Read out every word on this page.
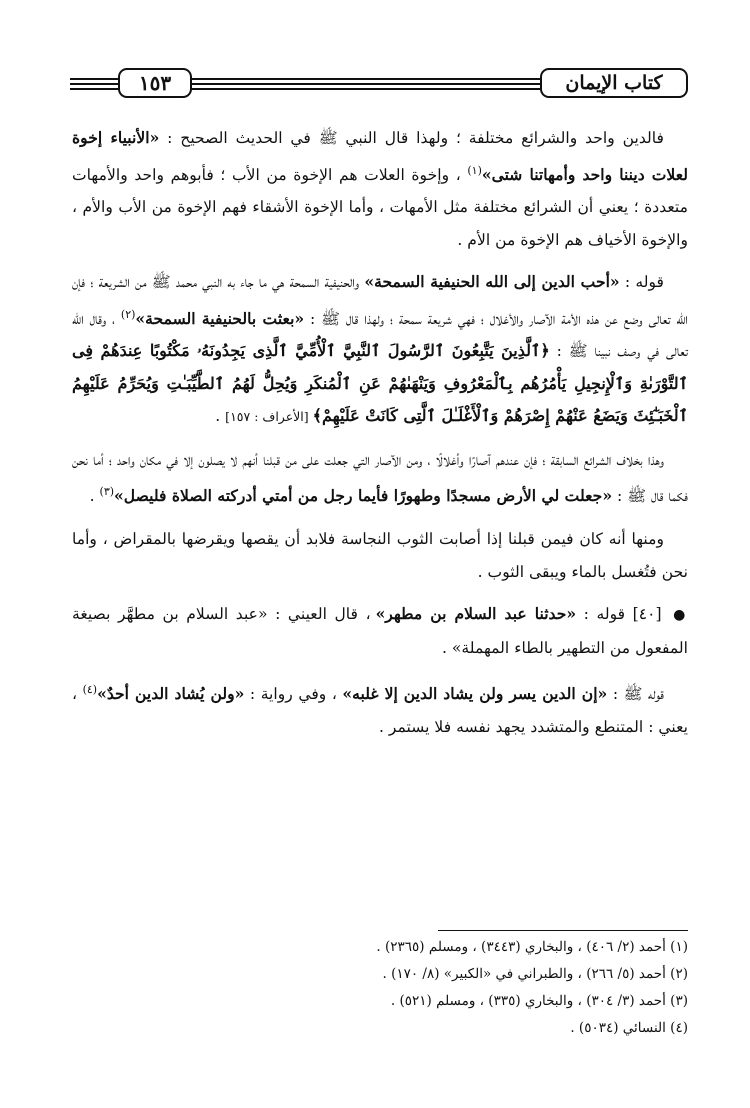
كتاب الإيمان
١٥٣

فالدين واحد والشرائع مختلفة ؛ ولهذا قال النبي ﷺ في الحديث الصحيح : «الأنبياء إخوة لعلات ديننا واحد وأمهاتنا شتى»$^{(١)}$ ، وإخوة العلات هم الإخوة من الأب ؛ فأبوهم واحد والأمهات متعددة ؛ يعني أن الشرائع مختلفة مثل الأمهات ، وأما الإخوة الأشقاء فهم الإخوة من الأب والأم ، والإخوة الأخياف هم الإخوة من الأم .

قوله : «أحب الدين إلى الله الحنيفية السمحة» والحنيفية السمحة هي ما جاء به النبي محمد ﷺ من الشريعة ؛ فإن الله تعالى وضع عن هذه الأمة الآصار والأغلال ؛ فهي شريعة سمحة ؛ ولهذا قال ﷺ : «بعثت بالحنيفية السمحة»$^{(٢)}$ ، وقال الله تعالى في وصف نبينا ﷺ : ﴿ٱلَّذِينَ يَتَّبِعُونَ ٱلرَّسُولَ ٱلنَّبِيَّ ٱلْأُمِّيَّ ٱلَّذِى يَجِدُونَهُۥ مَكْتُوبًا عِندَهُمْ فِى ٱلتَّوْرَىٰةِ وَٱلْإِنجِيلِ يَأْمُرُهُم بِٱلْمَعْرُوفِ وَيَنْهَىٰهُمْ عَنِ ٱلْمُنكَرِ وَيُحِلُّ لَهُمُ ٱلطَّيِّبَـٰتِ وَيُحَرِّمُ عَلَيْهِمُ ٱلْخَبَـٰٓئِثَ وَيَضَعُ عَنْهُمْ إِصْرَهُمْ وَٱلْأَغْلَـٰلَ ٱلَّتِى كَانَتْ عَلَيْهِمْ﴾ [الأعراف : ١٥٧] .

وهذا بخلاف الشرائع السابقة ؛ فإن عندهم آصارًا وأغلالًا ، ومن الآصار التي جعلت على من قبلنا أنهم لا يصلون إلا في مكان واحد ؛ أما نحن فكما قال ﷺ : «جعلت لي الأرض مسجدًا وطهورًا فأيما رجل من أمتي أدركته الصلاة فليصل»$^{(٣)}$ .

ومنها أنه كان فيمن قبلنا إذا أصابت الثوب النجاسة فلابد أن يقصها ويقرضها بالمقراض ، وأما نحن فتُغسل بالماء ويبقى الثوب .

● [٤٠] قوله : «حدثنا عبد السلام بن مطهر» ، قال العيني : «عبد السلام بن مطهَّر بصيغة المفعول من التطهير بالطاء المهملة» .

قوله ﷺ : «إن الدين يسر ولن يشاد الدين إلا غلبه» ، وفي رواية : «ولن يُشاد الدين أحدٌ»$^{(٤)}$ ، يعني : المتنطع والمتشدد يجهد نفسه فلا يستمر .

(١) أحمد (٢/ ٤٠٦) ، والبخاري (٣٤٤٣) ، ومسلم (٢٣٦٥) .
(٢) أحمد (٥/ ٢٦٦) ، والطبراني في «الكبير» (٨/ ١٧٠) .
(٣) أحمد (٣/ ٣٠٤) ، والبخاري (٣٣٥) ، ومسلم (٥٢١) .
(٤) النسائي (٥٠٣٤) .
